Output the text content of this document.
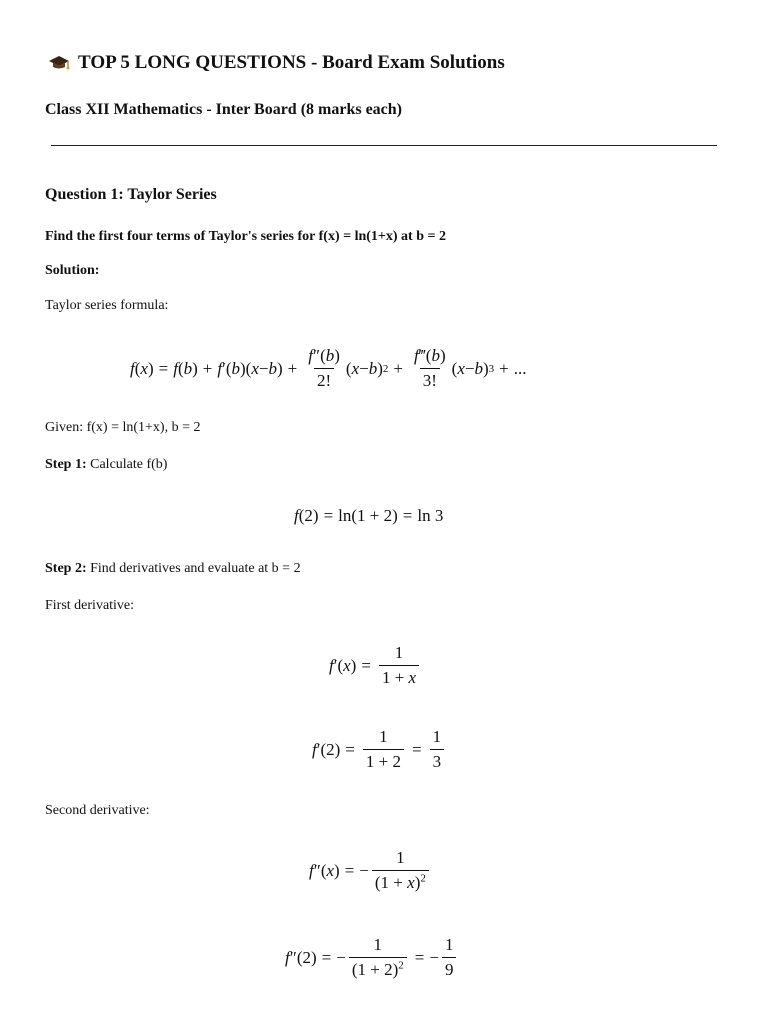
TOP 5 LONG QUESTIONS - Board Exam Solutions
Class XII Mathematics - Inter Board (8 marks each)
Question 1: Taylor Series
Find the first four terms of Taylor's series for f(x) = ln(1+x) at b = 2
Solution:
Taylor series formula:
f ( x ) = f ( b ) + f ′( b )( x − b ) + $\frac{f''(b)}{2!}$ ( x − b ) $2 + \frac{f‴(b)}{3!}$ ( x − b ) 3 + ...
Given: f(x) = ln(1+x), b = 2
Step 1: Calculate f(b)
f (2) = ln(1 + 2) = ln 3
Step 2: Find derivatives and evaluate at b = 2
First derivative:
f ′( x ) = $\frac{1}{1 + x}$
f $'(2) = \frac{1}{1 + 2} = \frac{1}{3}$
Second derivative:
f ″( x ) = − $\frac{1}{(1 + x)^2}$
f ″(2) = − $\frac{1}{(1 + 2)^2}$ = − $\frac{1}{9}$
